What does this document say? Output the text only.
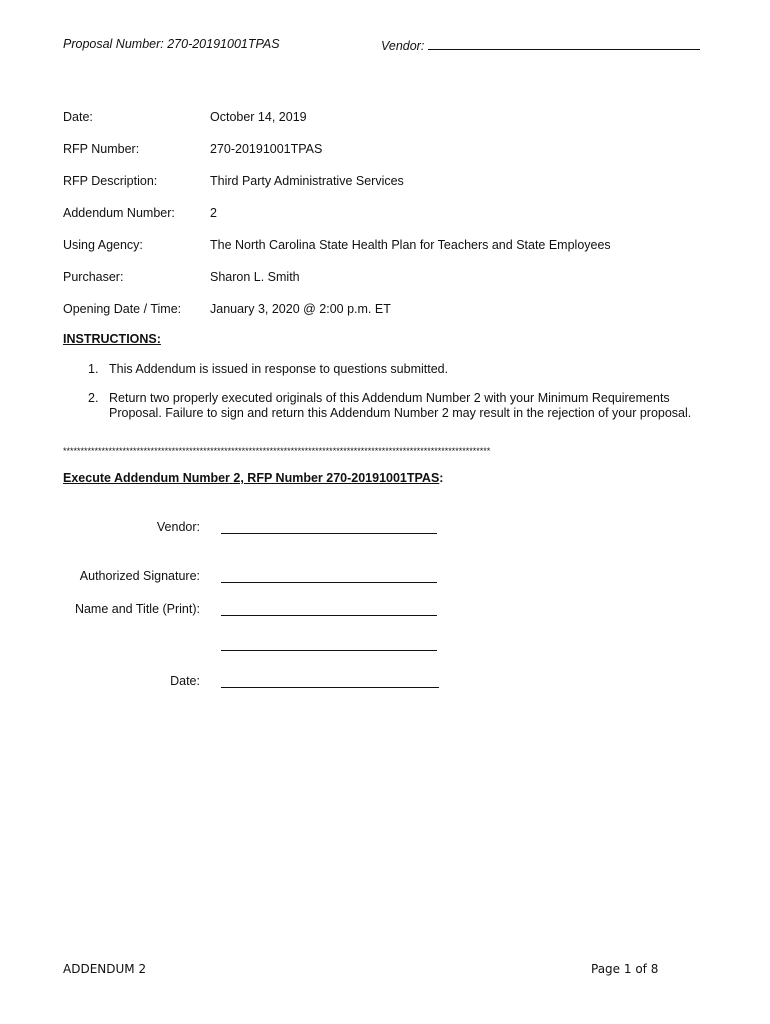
Proposal Number: 270-20191001TPAS	Vendor:
Date:	October 14, 2019
RFP Number:	270-20191001TPAS
RFP Description:	Third Party Administrative Services
Addendum Number:	2
Using Agency:	The North Carolina State Health Plan for Teachers and State Employees
Purchaser:	Sharon L. Smith
Opening Date / Time: January 3, 2020 @ 2:00 p.m. ET
INSTRUCTIONS:
1. This Addendum is issued in response to questions submitted.
2. Return two properly executed originals of this Addendum Number 2 with your Minimum Requirements
Proposal. Failure to sign and return this Addendum Number 2 may result in the rejection of your proposal.
**************************************************************************************************************************
Execute Addendum Number 2, RFP Number 270-20191001TPAS:
Vendor:
Authorized Signature:
Name and Title (Print):
Date:
ADDENDUM 2	Page 1 of 8
